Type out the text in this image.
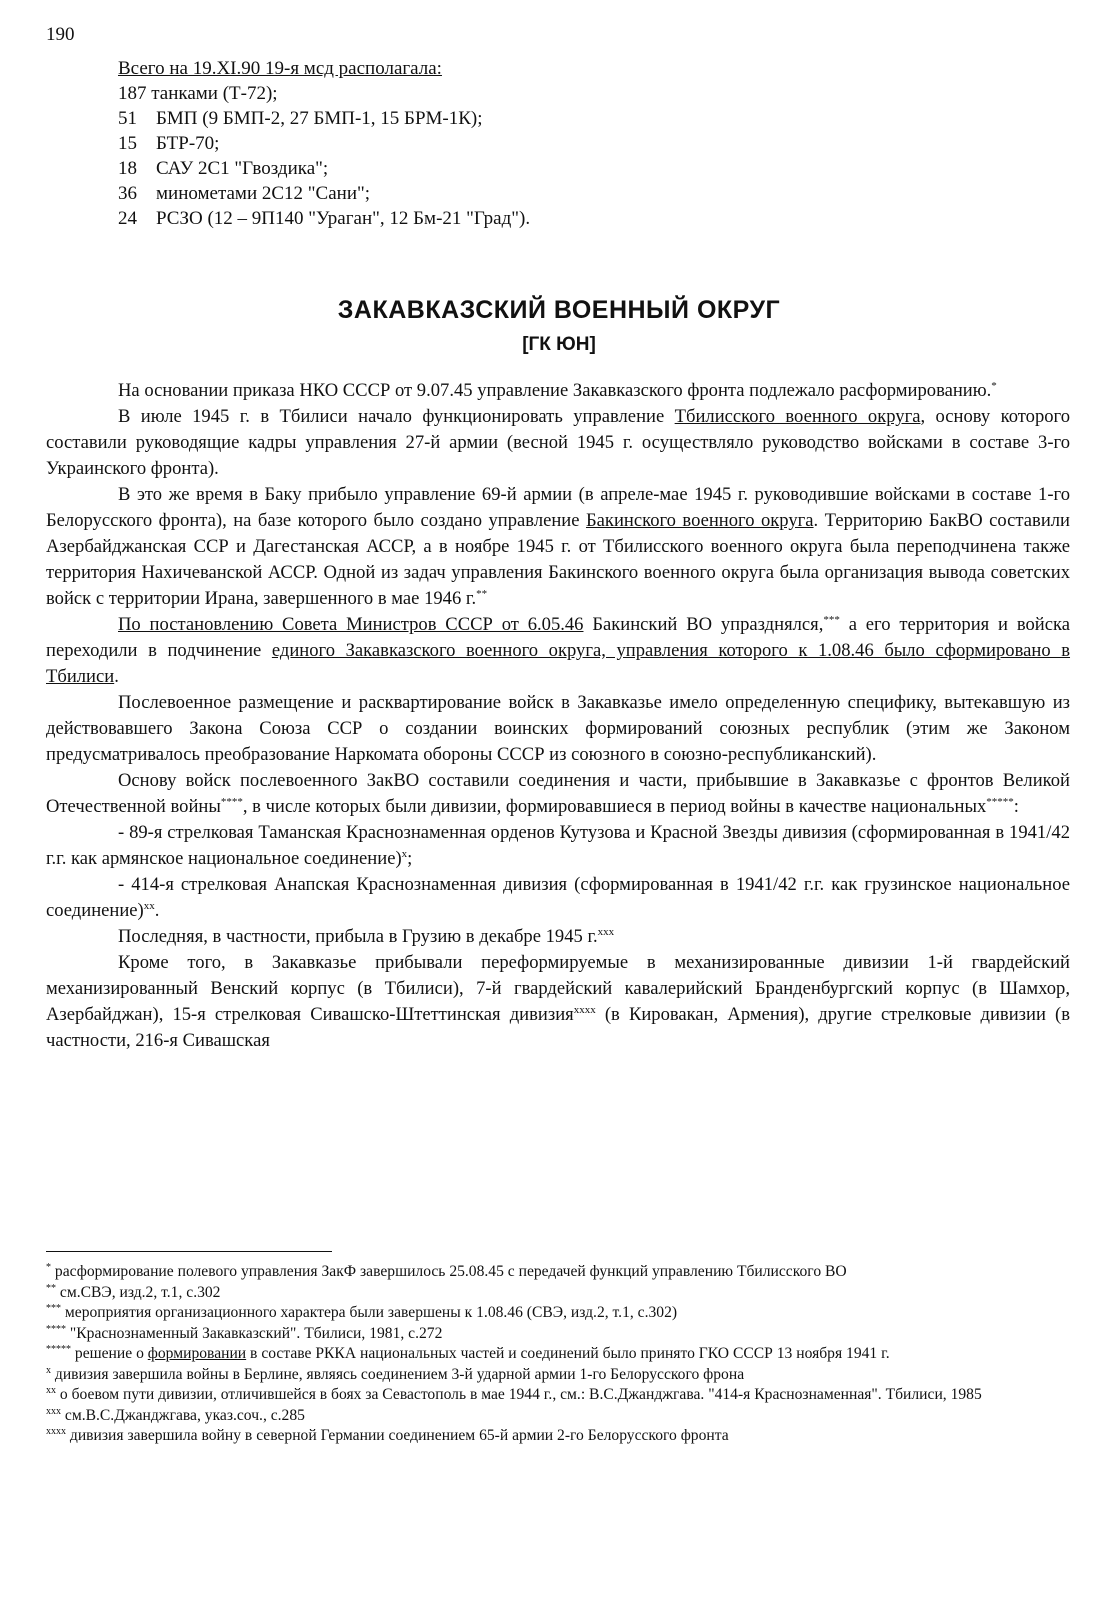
190
Всего на 19.XI.90 19-я мсд располагала:
187 танками (Т-72);
51	БМП (9 БМП-2, 27 БМП-1, 15 БРМ-1К);
15	БТР-70;
18	САУ 2С1 "Гвоздика";
36	минометами 2С12 "Сани";
24	РСЗО (12 – 9П140 "Ураган", 12 Бм-21 "Град").
ЗАКАВКАЗСКИЙ ВОЕННЫЙ ОКРУГ
[ГК ЮН]

На основании приказа НКО СССР от 9.07.45 управление Закавказского фронта подлежало расформированию.*

В июле 1945 г. в Тбилиси начало функционировать управление Тбилисского военного округа, основу которого составили руководящие кадры управления 27-й армии (весной 1945 г. осуществляло руководство войсками в составе 3-го Украинского фронта).

В это же время в Баку прибыло управление 69-й армии (в апреле-мае 1945 г. руководившие войсками в составе 1-го Белорусского фронта), на базе которого было создано управление Бакинского военного округа. Территорию БакВО составили Азербайджанская ССР и Дагестанская АССР, а в ноябре 1945 г. от Тбилисского военного округа была переподчинена также территория Нахичеванской АССР. Одной из задач управления Бакинского военного округа была организация вывода советских войск с территории Ирана, завершенного в мае 1946 г.**

По постановлению Совета Министров СССР от 6.05.46 Бакинский ВО упразднялся,*** а его территория и войска переходили в подчинение единого Закавказского военного округа, управления которого к 1.08.46 было сформировано в Тбилиси.

Послевоенное размещение и расквартирование войск в Закавказье имело определенную специфику, вытекавшую из действовавшего Закона Союза ССР о создании воинских формирований союзных республик (этим же Законом предусматривалось преобразование Наркомата обороны СССР из союзного в союзно-республиканский).

Основу войск послевоенного ЗакВО составили соединения и части, прибывшие в Закавказье с фронтов Великой Отечественной войны****, в числе которых были дивизии, формировавшиеся в период войны в качестве национальных*****:

- 89-я стрелковая Таманская Краснознаменная орденов Кутузова и Красной Звезды дивизия (сформированная в 1941/42 г.г. как армянское национальное соединение)$^x$;

- 414-я стрелковая Анапская Краснознаменная дивизия (сформированная в 1941/42 г.г. как грузинское национальное соединение)$^{xx}$.

Последняя, в частности, прибыла в Грузию в декабре 1945 г.$^{xxx}$

Кроме того, в Закавказье прибывали переформируемые в механизированные дивизии 1-й гвардейский механизированный Венский корпус (в Тбилиси), 7-й гвардейский кавалерийский Бранденбургский корпус (в Шамхор, Азербайджан), 15-я стрелковая Сивашско-Штеттинская дивизия$^{xxxx}$ (в Кировакан, Армения), другие стрелковые дивизии (в частности, 216-я Сивашская

* расформирование полевого управления ЗакФ завершилось 25.08.45 с передачей функций управлению Тбилисского ВО
** см.СВЭ, изд.2, т.1, с.302
*** мероприятия организационного характера были завершены к 1.08.46 (СВЭ, изд.2, т.1, с.302)
**** "Краснознаменный Закавказский". Тбилиси, 1981, с.272
***** решение о формировании в составе РККА национальных частей и соединений было принято ГКО СССР 13 ноября 1941 г.
$^x$ дивизия завершила войны в Берлине, являясь соединением 3-й ударной армии 1-го Белорусского фрона
$^{xx}$ о боевом пути дивизии, отличившейся в боях за Севастополь в мае 1944 г., см.: В.С.Джанджгава. "414-я Краснознаменная". Тбилиси, 1985
$^{xxx}$ см.В.С.Джанджгава, указ.соч., с.285
$^{xxxx}$ дивизия завершила войну в северной Германии соединением 65-й армии 2-го Белорусского фронта
